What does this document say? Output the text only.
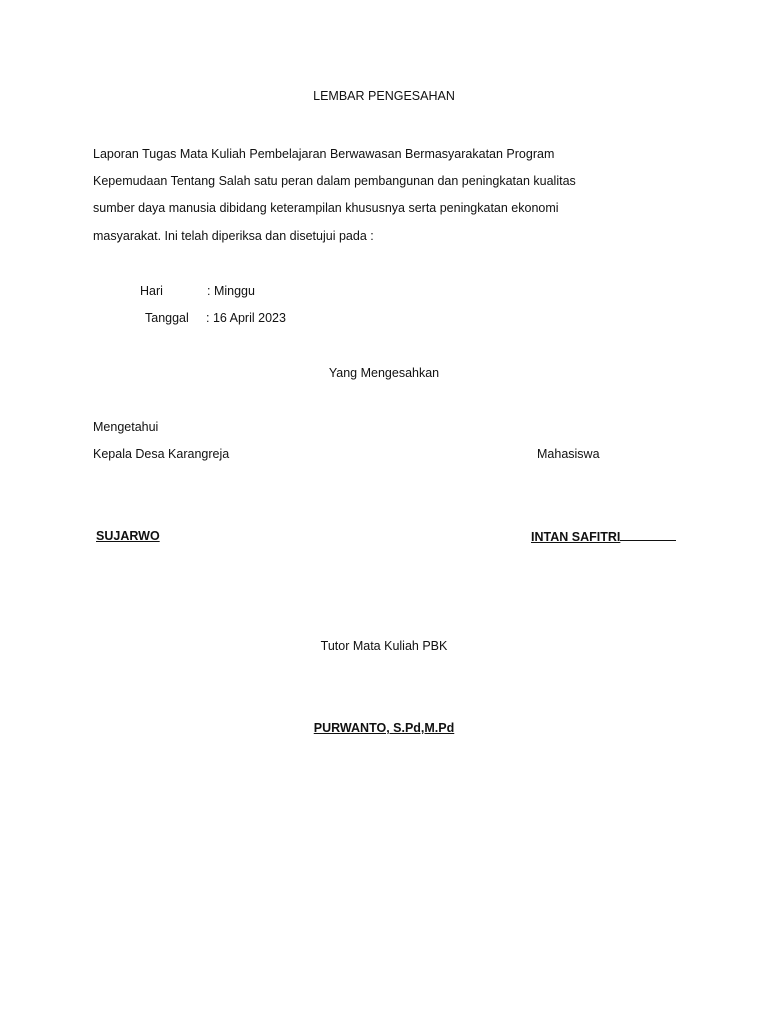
LEMBAR PENGESAHAN
Laporan Tugas Mata Kuliah Pembelajaran Berwawasan Bermasyarakatan Program
Kepemudaan Tentang Salah satu peran dalam pembangunan dan peningkatan kualitas
sumber daya manusia dibidang keterampilan khususnya serta peningkatan ekonomi
masyarakat. Ini telah diperiksa dan disetujui pada :
Hari	: Minggu
Tanggal : 16 April 2023
Yang Mengesahkan
Mengetahui
Kepala Desa Karangreja	Mahasiswa
SUJARWO	INTAN SAFITRI
Tutor Mata Kuliah PBK
PURWANTO, S.Pd,M.Pd
